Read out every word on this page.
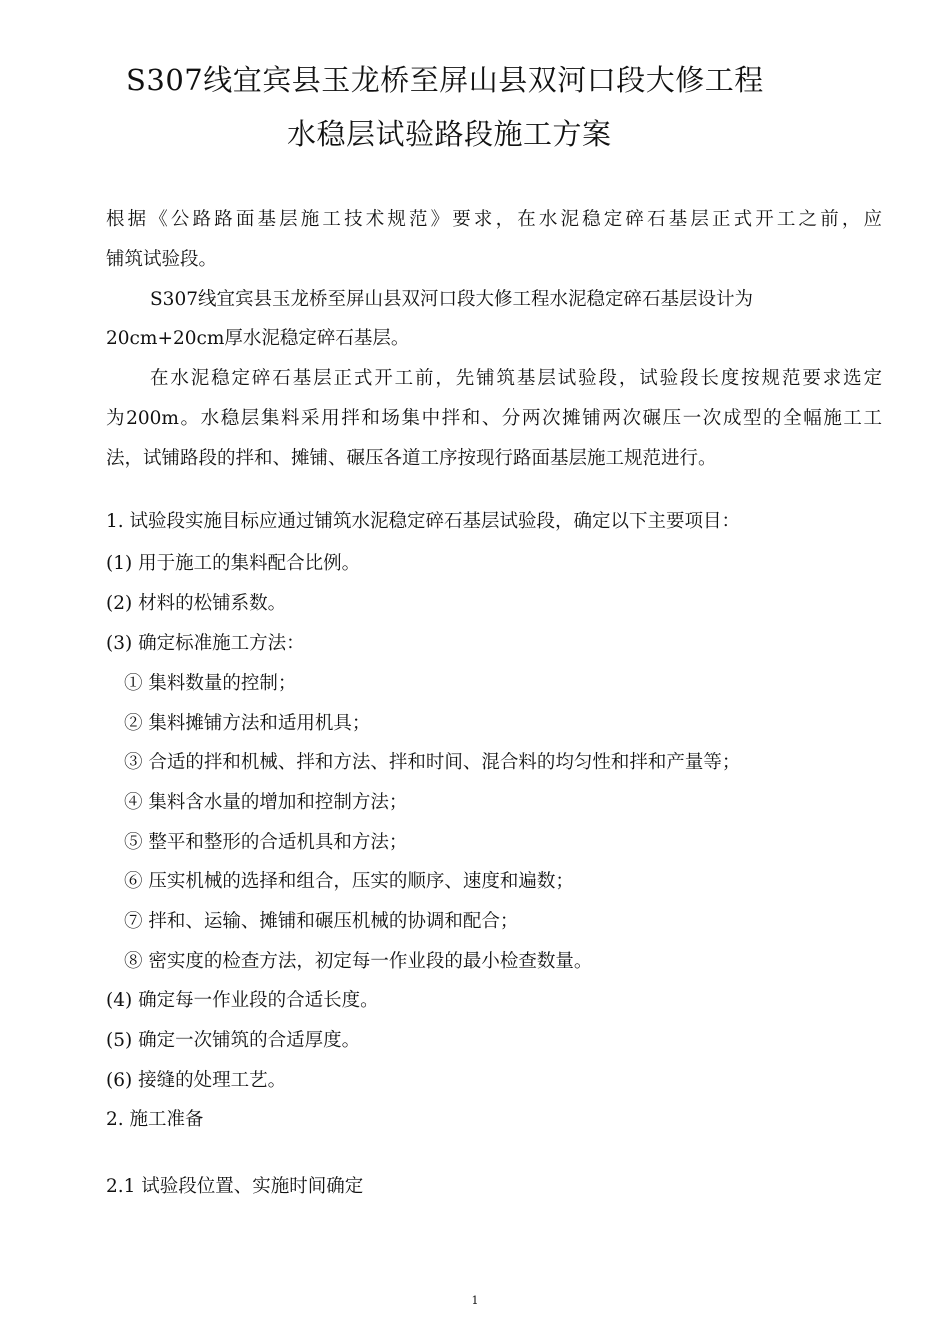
S307线宜宾县玉龙桥至屏山县双河口段大修工程
水稳层试验路段施工方案
根据《公路路面基层施工技术规范》要求，在水泥稳定碎石基层正式开工之前，应
铺筑试验段。
S307线宜宾县玉龙桥至屏山县双河口段大修工程水泥稳定碎石基层设计为
20cm+20cm厚水泥稳定碎石基层。
在水泥稳定碎石基层正式开工前，先铺筑基层试验段，试验段长度按规范要求选定
为200m。水稳层集料采用拌和场集中拌和、分两次摊铺两次碾压一次成型的全幅施工工
法，试铺路段的拌和、摊铺、碾压各道工序按现行路面基层施工规范进行。
1. 试验段实施目标应通过铺筑水泥稳定碎石基层试验段，确定以下主要项目：
(1) 用于施工的集料配合比例。
(2) 材料的松铺系数。
(3) 确定标准施工方法：
① 集料数量的控制；
② 集料摊铺方法和适用机具；
③ 合适的拌和机械、拌和方法、拌和时间、混合料的均匀性和拌和产量等；
④ 集料含水量的增加和控制方法；
⑤ 整平和整形的合适机具和方法；
⑥ 压实机械的选择和组合，压实的顺序、速度和遍数；
⑦ 拌和、运输、摊铺和碾压机械的协调和配合；
⑧ 密实度的检查方法，初定每一作业段的最小检查数量。
(4) 确定每一作业段的合适长度。
(5) 确定一次铺筑的合适厚度。
(6) 接缝的处理工艺。
2. 施工准备
2.1 试验段位置、实施时间确定
1
